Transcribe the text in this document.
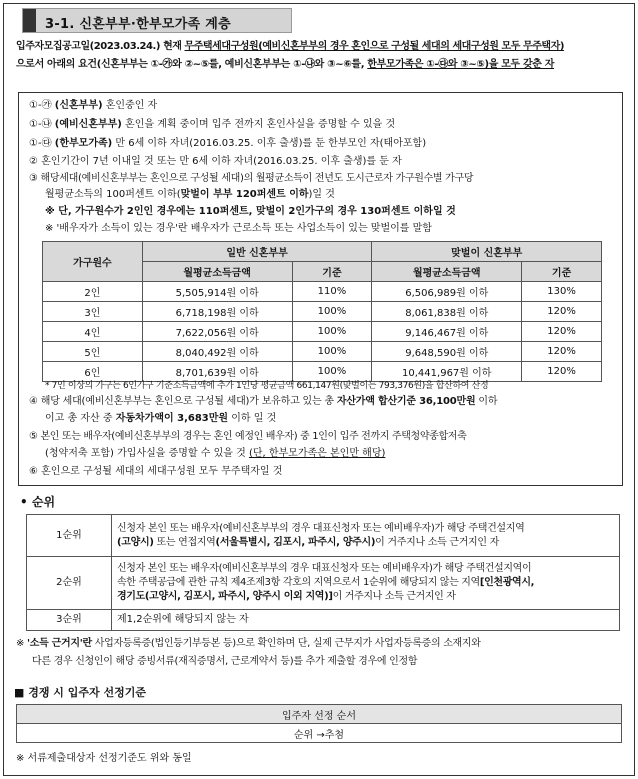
3-1. 신혼부부·한부모가족 계층
입주자모집공고일(2023.03.24.) 현재 무주택세대구성원(예비신혼부부의 경우 혼인으로 구성될 세대의 세대구성원 모두 무주택자)
으로서 아래의 요건(신혼부부는 ①-㉮와 ②~⑤를, 예비신혼부부는 ①-㉯와 ③~⑥를, 한부모가족은 ①-㉰와 ③~⑤)을 모두 갖춘 자
①-㉮ (신혼부부) 혼인중인 자
①-㉯ (예비신혼부부) 혼인을 계획 중이며 입주 전까지 혼인사실을 증명할 수 있을 것
①-㉰ (한부모가족) 만 6세 이하 자녀(2016.03.25. 이후 출생)를 둔 한부모인 자(태아포함)
② 혼인기간이 7년 이내일 것 또는 만 6세 이하 자녀(2016.03.25. 이후 출생)를 둔 자
③ 해당세대(예비신혼부부는 혼인으로 구성될 세대)의 월평균소득이 전년도 도시근로자 가구원수별 가구당
월평균소득의 100퍼센트 이하(맞벌이 부부 120퍼센트 이하)일 것
※ 단, 가구원수가 2인인 경우에는 110퍼센트, 맞벌이 2인가구의 경우 130퍼센트 이하일 것
※ '배우자가 소득이 있는 경우'란 배우자가 근로소득 또는 사업소득이 있는 맞벌이를 말함
가구원수	일반 신혼부부		맞벌이 신혼부부	
	월평균소득금액	기준	월평균소득금액	기준
2인	5,505,914원 이하	110%	6,506,989원 이하	130%
3인	6,718,198원 이하	100%	8,061,838원 이하	120%
4인	7,622,056원 이하	100%	9,146,467원 이하	120%
5인	8,040,492원 이하	100%	9,648,590원 이하	120%
6인	8,701,639원 이하	100%	10,441,967원 이하	120%
* 7인 이상의 가구는 6인가구 기준소득금액에 추가 1인당 평균금액 661,147원(맞벌이는 793,376원)을 합산하여 산정
④ 해당 세대(예비신혼부부는 혼인으로 구성될 세대)가 보유하고 있는 총 자산가액 합산기준 36,100만원 이하
이고 총 자산 중 자동차가액이 3,683만원 이하 일 것
⑤ 본인 또는 배우자(예비신혼부부의 경우는 혼인 예정인 배우자) 중 1인이 입주 전까지 주택청약종합저축
(청약저축 포함) 가입사실을 증명할 수 있을 것 (단, 한부모가족은 본인만 해당)
⑥ 혼인으로 구성될 세대의 세대구성원 모두 무주택자일 것
• 순위
1순위	신청자 본인 또는 배우자(예비신혼부부의 경우 대표신청자 또는 예비배우자)가 해당 주택건설지역
(고양시) 또는 연접지역(서울특별시, 김포시, 파주시, 양주시)이 거주지나 소득 근거지인 자

2순위	신청자 본인 또는 배우자(예비신혼부부의 경우 대표신청자 또는 예비배우자)가 해당 주택건설지역이
속한 주택공급에 관한 규칙 제4조제3항 각호의 지역으로서 1순위에 해당되지 않는 지역[인천광역시,
경기도(고양시, 김포시, 파주시, 양주시 이외 지역)]이 거주지나 소득 근거지인 자

3순위	제1,2순위에 해당되지 않는 자
※ '소득 근거지'란 사업자등록증(법인등기부등본 등)으로 확인하며 단, 실제 근무지가 사업자등록증의 소재지와
다른 경우 신청인이 해당 증빙서류(재직증명서, 근로계약서 등)를 추가 제출할 경우에 인정함
■ 경쟁 시 입주자 선정기준
입주자 선정 순서
순위 →추첨
※ 서류제출대상자 선정기준도 위와 동일
